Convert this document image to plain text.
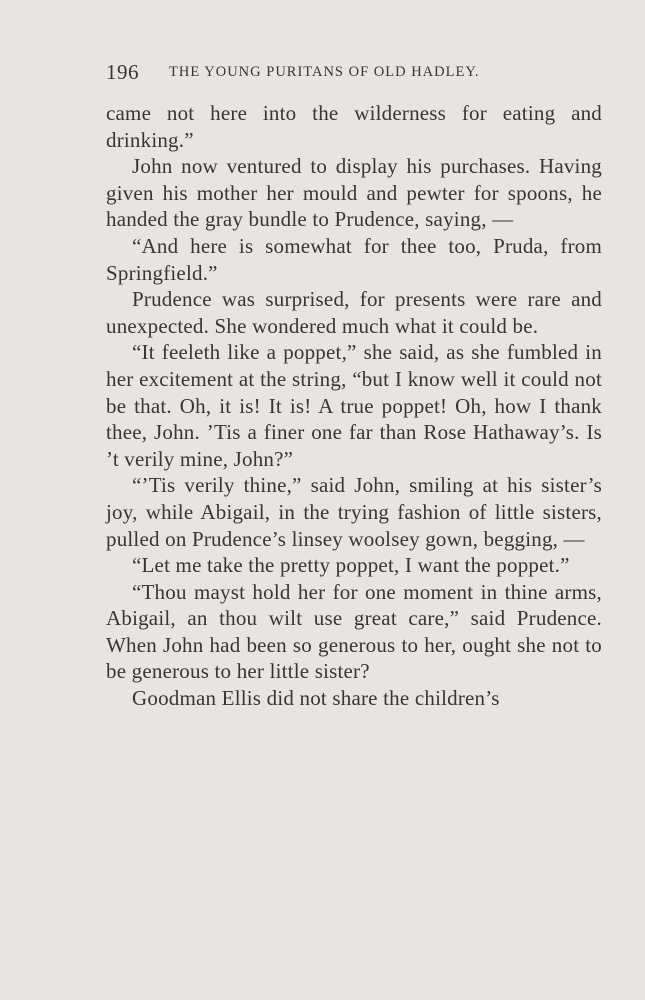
196 THE YOUNG PURITANS OF OLD HADLEY.

came not here into the wilderness for eating and drinking.”

John now ventured to display his purchases. Having given his mother her mould and pewter for spoons, he handed the gray bundle to Prudence, saying, —

“And here is somewhat for thee too, Pruda, from Springfield.”

Prudence was surprised, for presents were rare and unexpected. She wondered much what it could be.

“It feeleth like a poppet,” she said, as she fumbled in her excitement at the string, “but I know well it could not be that. Oh, it is! It is! A true poppet! Oh, how I thank thee, John. ’Tis a finer one far than Rose Hathaway’s. Is ’t verily mine, John?”

“’Tis verily thine,” said John, smiling at his sister’s joy, while Abigail, in the trying fashion of little sisters, pulled on Prudence’s linsey woolsey gown, begging, —

“Let me take the pretty poppet, I want the poppet.”

“Thou mayst hold her for one moment in thine arms, Abigail, an thou wilt use great care,” said Prudence. When John had been so generous to her, ought she not to be generous to her little sister?

Goodman Ellis did not share the children’s
